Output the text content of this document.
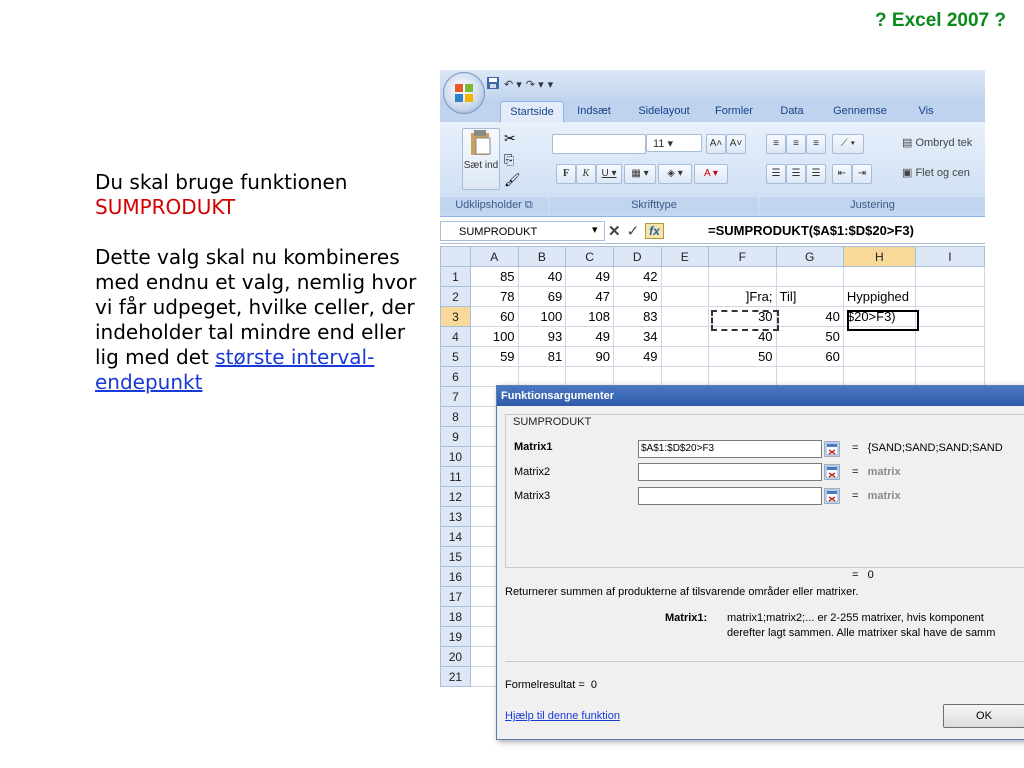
? Excel 2007 ?

Du skal bruge funktionen
SUMPRODUKT

Dette valg skal nu kombineres med endnu et valg, nemlig hvor vi får udpeget, hvilke celler, der indeholder tal mindre end eller lig med det største interval-endepunkt

↶ ▾ ↷ ▾ ▾
Startside	Indsæt	Sidelayout	Formler	Data	Gennemse	Vis
Sæt ind
✂
⎘
🖌
11 ▾	A˄ A˅
F	K	U ▾	▦ ▾	◈ ▾	A ▾
≡	≡	≡	⟋ ▾
☰	☰	☰	⇤	⇥
▤ Ombryd tek
▣ Flet og cen
Udklipsholder ⧉	Skrifttype	Justering
SUMPRODUKT	▾ ✕ ✓ fx	=SUMPRODUKT($A$1:$D$20>F3)
	A	B	C	D	E	F	G	H	I
1	85	40	49	42					
2	78	69	47	90		]Fra;	Til]	Hyppighed	
3	60	100	108	83		30	40	$20>F3)	
4	100	93	49	34		40	50		
5	59	81	90	49		50	60		
6									
7									
8									
9									
10									
11									
12									
13									
14									
15									
16									
17									
18									
19									
20									
21									
Funktionsargumenter
SUMPRODUKT
Matrix1	$A$1:$D$20>F3	=   {SAND;SAND;SAND;SAND
Matrix2	=   matrix
Matrix3	=   matrix
=   0
Returnerer summen af produkterne af tilsvarende områder eller matrixer.
Matrix1: matrix1;matrix2;... er 2-255 matrixer, hvis komponent
derefter lagt sammen. Alle matrixer skal have de samm
Formelresultat = 0
Hjælp til denne funktion	OK
